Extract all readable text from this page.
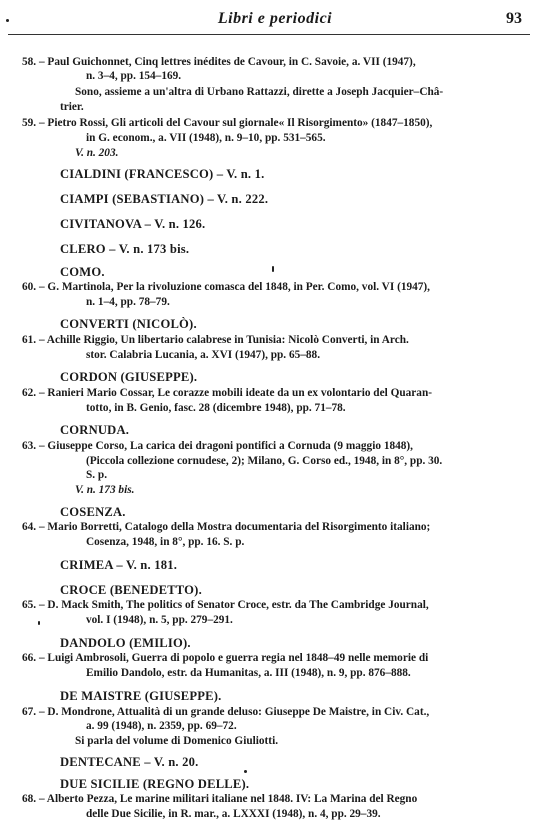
Libri e periodici	93
58. – Paul Guichonnet, Cinq lettres inédites de Cavour, in C. Savoie, a. VII (1947),
n. 3–4, pp. 154–169.
Sono, assieme a un'altra di Urbano Rattazzi, dirette a Joseph Jacquier–Châ-
trier.
59. – Pietro Rossi, Gli articoli del Cavour sul giornale« Il Risorgimento» (1847–1850),
in G. econom., a. VII (1948), n. 9–10, pp. 531–565.
V. n. 203.
CIALDINI (FRANCESCO) – V. n. 1.
CIAMPI (SEBASTIANO) – V. n. 222.
CIVITANOVA – V. n. 126.
CLERO – V. n. 173 bis.
COMO.
60. – G. Martinola, Per la rivoluzione comasca del 1848, in Per. Como, vol. VI (1947),
n. 1–4, pp. 78–79.
CONVERTI (NICOLÒ).
61. – Achille Riggio, Un libertario calabrese in Tunisia: Nicolò Converti, in Arch.
stor. Calabria Lucania, a. XVI (1947), pp. 65–88.
CORDON (GIUSEPPE).
62. – Ranieri Mario Cossar, Le corazze mobili ideate da un ex volontario del Quaran-
totto, in B. Genio, fasc. 28 (dicembre 1948), pp. 71–78.
CORNUDA.
63. – Giuseppe Corso, La carica dei dragoni pontifici a Cornuda (9 maggio 1848),
(Piccola collezione cornudese, 2); Milano, G. Corso ed., 1948, in 8°, pp. 30.
S. p.
V. n. 173 bis.
COSENZA.
64. – Mario Borretti, Catalogo della Mostra documentaria del Risorgimento italiano;
Cosenza, 1948, in 8°, pp. 16. S. p.
CRIMEA – V. n. 181.
CROCE (BENEDETTO).
65. – D. Mack Smith, The politics of Senator Croce, estr. da The Cambridge Journal,
vol. I (1948), n. 5, pp. 279–291.
DANDOLO (EMILIO).
66. – Luigi Ambrosoli, Guerra di popolo e guerra regia nel 1848–49 nelle memorie di
Emilio Dandolo, estr. da Humanitas, a. III (1948), n. 9, pp. 876–888.
DE MAISTRE (GIUSEPPE).
67. – D. Mondrone, Attualità di un grande deluso: Giuseppe De Maistre, in Civ. Cat.,
a. 99 (1948), n. 2359, pp. 69–72.
Si parla del volume di Domenico Giuliotti.
DENTECANE – V. n. 20.
DUE SICILIE (REGNO DELLE).
68. – Alberto Pezza, Le marine militari italiane nel 1848. IV: La Marina del Regno
delle Due Sicilie, in R. mar., a. LXXXI (1948), n. 4, pp. 29–39.
